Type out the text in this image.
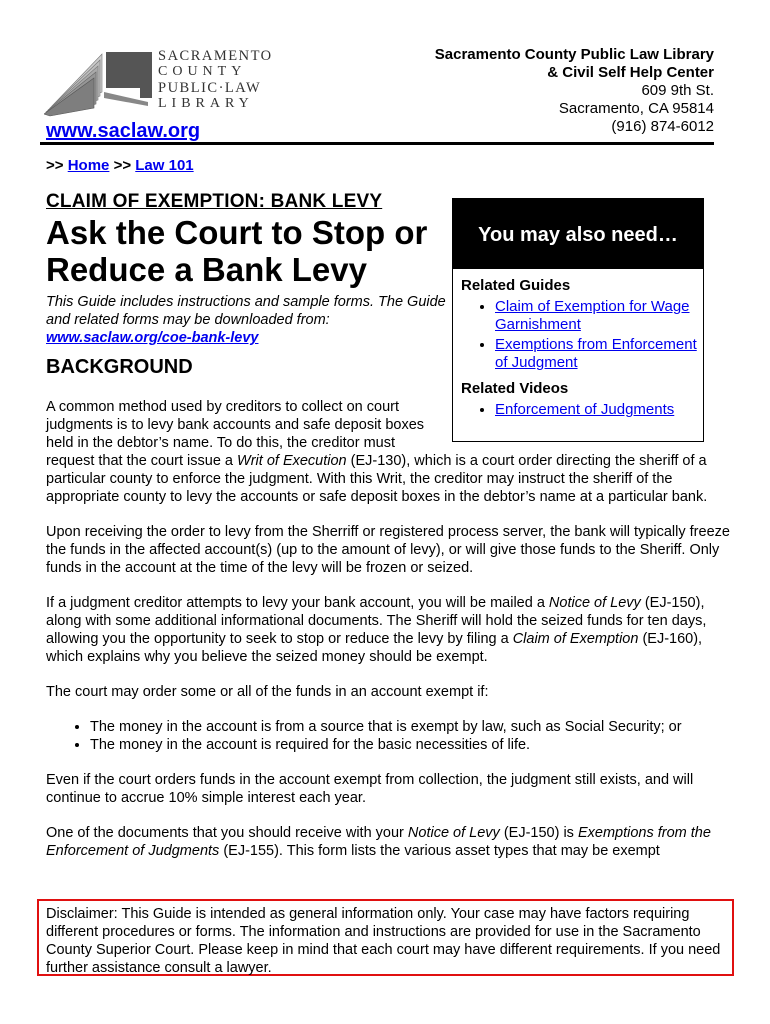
SACRAMENTO
COUNTY
PUBLIC·LAW
LIBRARY
www.saclaw.org
Sacramento County Public Law Library
& Civil Self Help Center
609 9th St.
Sacramento, CA 95814
(916) 874-6012
>> Home >> Law 101
CLAIM OF EXEMPTION: BANK LEVY
Ask the Court to Stop or Reduce a Bank Levy
This Guide includes instructions and sample forms. The Guide and related forms may be downloaded from: www.saclaw.org/coe-bank-levy
BACKGROUND
You may also need…
Related Guides
• Claim of Exemption for Wage Garnishment
• Exemptions from Enforcement of Judgment
Related Videos
• Enforcement of Judgments
A common method used by creditors to collect on court judgments is to levy bank accounts and safe deposit boxes held in the debtor’s name. To do this, the creditor must

request that the court issue a Writ of Execution (EJ-130), which is a court order directing the sheriff of a particular county to enforce the judgment. With this Writ, the creditor may instruct the sheriff of the appropriate county to levy the accounts or safe deposit boxes in the debtor’s name at a particular bank.

Upon receiving the order to levy from the Sherriff or registered process server, the bank will typically freeze the funds in the affected account(s) (up to the amount of levy), or will give those funds to the Sheriff. Only funds in the account at the time of the levy will be frozen or seized.

If a judgment creditor attempts to levy your bank account, you will be mailed a Notice of Levy (EJ-150), along with some additional informational documents. The Sheriff will hold the seized funds for ten days, allowing you the opportunity to seek to stop or reduce the levy by filing a Claim of Exemption (EJ-160), which explains why you believe the seized money should be exempt.

The court may order some or all of the funds in an account exempt if:

• The money in the account is from a source that is exempt by law, such as Social Security; or
• The money in the account is required for the basic necessities of life.

Even if the court orders funds in the account exempt from collection, the judgment still exists, and will continue to accrue 10% simple interest each year.

One of the documents that you should receive with your Notice of Levy (EJ-150) is Exemptions from the Enforcement of Judgments (EJ-155). This form lists the various asset types that may be exempt

Disclaimer: This Guide is intended as general information only. Your case may have factors requiring different procedures or forms. The information and instructions are provided for use in the Sacramento County Superior Court. Please keep in mind that each court may have different requirements. If you need further assistance consult a lawyer.
